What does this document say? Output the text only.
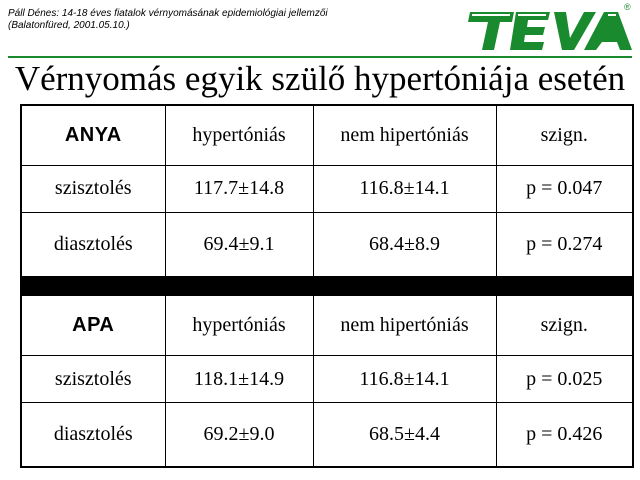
Páll Dénes: 14-18 éves fiatalok vérnyomásának epidemiológiai jellemzői
(Balatonfüred, 2001.05.10.)
TEVA	®
Vérnyomás egyik szülő hypertóniája esetén
ANYA	hypertóniás	nem hipertóniás	szign.
szisztolés	117.7±14.8	116.8±14.1	p = 0.047
diasztolés	69.4±9.1	68.4±8.9	p = 0.274

APA	hypertóniás	nem hipertóniás	szign.
szisztolés	118.1±14.9	116.8±14.1	p = 0.025
diasztolés	69.2±9.0	68.5±4.4	p = 0.426
